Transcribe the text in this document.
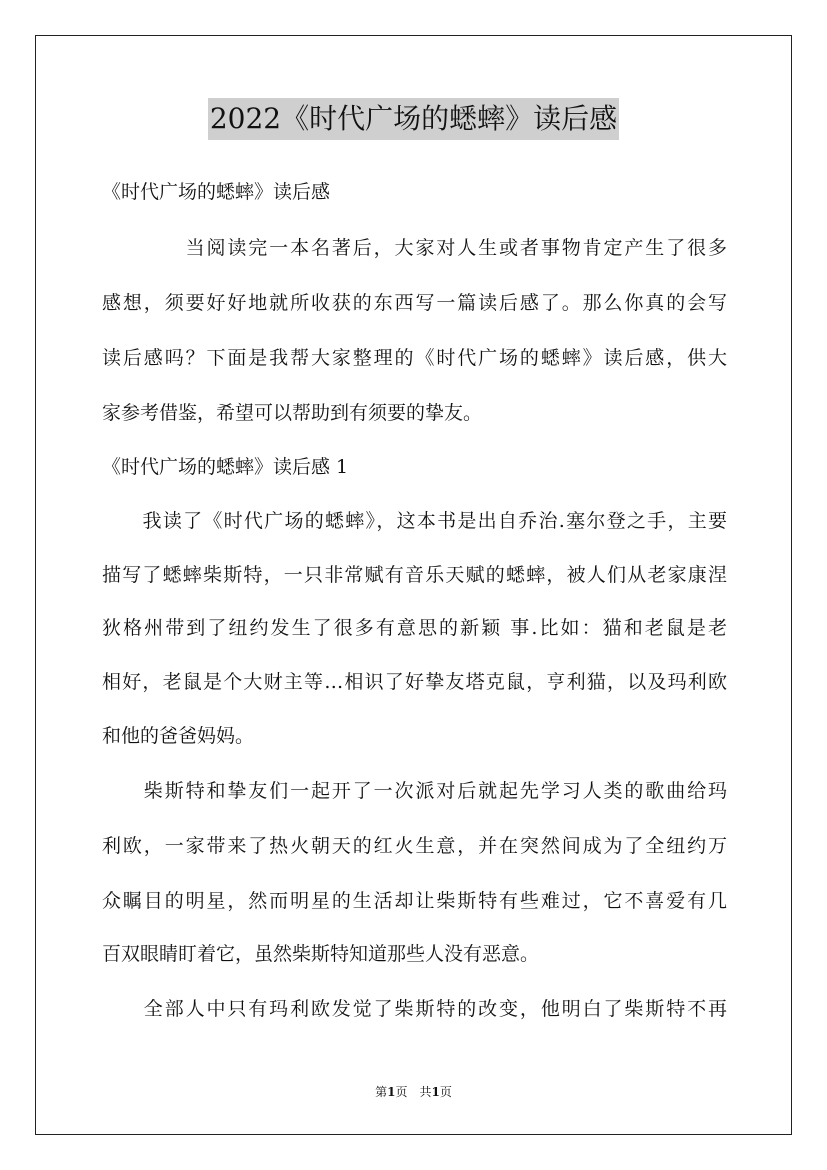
2022《时代广场的蟋蟀》读后感
《时代广场的蟋蟀》读后感
　　　　当阅读完一本名著后，大家对人生或者事物肯定产生了很多
感想，须要好好地就所收获的东西写一篇读后感了。那么你真的会写
读后感吗？下面是我帮大家整理的《时代广场的蟋蟀》读后感，供大
家参考借鉴，希望可以帮助到有须要的挚友。
《时代广场的蟋蟀》读后感 1
　　我读了《时代广场的蟋蟀》，这本书是出自乔治.塞尔登之手，主要
描写了蟋蟀柴斯特，一只非常赋有音乐天赋的蟋蟀，被人们从老家康涅
狄格州带到了纽约发生了很多有意思的新颖 事.比如：猫和老鼠是老
相好，老鼠是个大财主等…相识了好挚友塔克鼠，亨利猫，以及玛利欧
和他的爸爸妈妈。
　　柴斯特和挚友们一起开了一次派对后就起先学习人类的歌曲给玛
利欧，一家带来了热火朝天的红火生意，并在突然间成为了全纽约万
众瞩目的明星，然而明星的生活却让柴斯特有些难过，它不喜爱有几
百双眼睛盯着它，虽然柴斯特知道那些人没有恶意。
　　全部人中只有玛利欧发觉了柴斯特的改变，他明白了柴斯特不再
第1页　共1页
